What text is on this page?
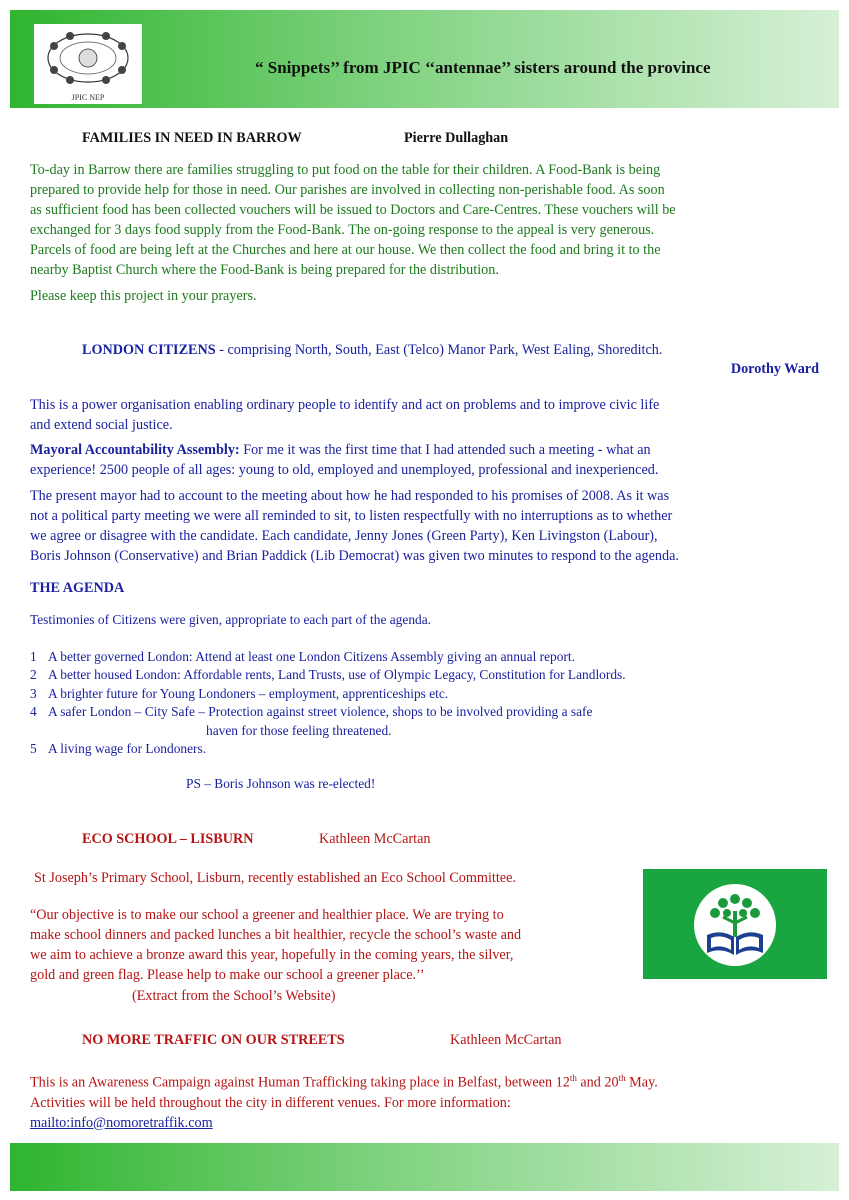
JPIC NEP
“ Snippets’’ from JPIC ‘‘antennae’’ sisters around the province

FAMILIES IN NEED IN BARROW	Pierre Dullaghan

To-day in Barrow there are families struggling to put food on the table for their children. A Food-Bank is being
prepared to provide help for those in need. Our parishes are involved in collecting non-perishable food. As soon
as sufficient food has been collected vouchers will be issued to Doctors and Care-Centres. These vouchers will be
exchanged for 3 days food supply from the Food-Bank. The on-going response to the appeal is very generous.
Parcels of food are being left at the Churches and here at our house. We then collect the food and bring it to the
nearby Baptist Church where the Food-Bank is being prepared for the distribution.

Please keep this project in your prayers.

LONDON CITIZENS - comprising North, South, East (Telco) Manor Park, West Ealing, Shoreditch.

Dorothy Ward

This is a power organisation enabling ordinary people to identify and act on problems and to improve civic life
and extend social justice.
Mayoral Accountability Assembly: For me it was the first time that I had attended such a meeting - what an
experience! 2500 people of all ages: young to old, employed and unemployed, professional and inexperienced.
The present mayor had to account to the meeting about how he had responded to his promises of 2008. As it was
not a political party meeting we were all reminded to sit, to listen respectfully with no interruptions as to whether
we agree or disagree with the candidate. Each candidate, Jenny Jones (Green Party), Ken Livingston (Labour),
Boris Johnson (Conservative) and Brian Paddick (Lib Democrat) was given two minutes to respond to the agenda.

THE AGENDA

Testimonies of Citizens were given, appropriate to each part of the agenda.

1 A better governed London: Attend at least one London Citizens Assembly giving an annual report.
2 A better housed London: Affordable rents, Land Trusts, use of Olympic Legacy, Constitution for Landlords.
3 A brighter future for Young Londoners – employment, apprenticeships etc.
4 A safer London – City Safe – Protection against street violence, shops to be involved providing a safe
haven for those feeling threatened.
5 A living wage for Londoners.

PS – Boris Johnson was re-elected!

ECO SCHOOL – LISBURN	Kathleen McCartan

St Joseph’s Primary School, Lisburn, recently established an Eco School Committee.

“Our objective is to make our school a greener and healthier place. We are trying to
make school dinners and packed lunches a bit healthier, recycle the school’s waste and
we aim to achieve a bronze award this year, hopefully in the coming years, the silver,
gold and green flag. Please help to make our school a greener place.’’

(Extract from the School’s Website)

NO MORE TRAFFIC ON OUR STREETS	Kathleen McCartan

This is an Awareness Campaign against Human Trafficking taking place in Belfast, between 12th and 20th May.
Activities will be held throughout the city in different venues. For more information:
mailto:info@nomoretraffik.com
